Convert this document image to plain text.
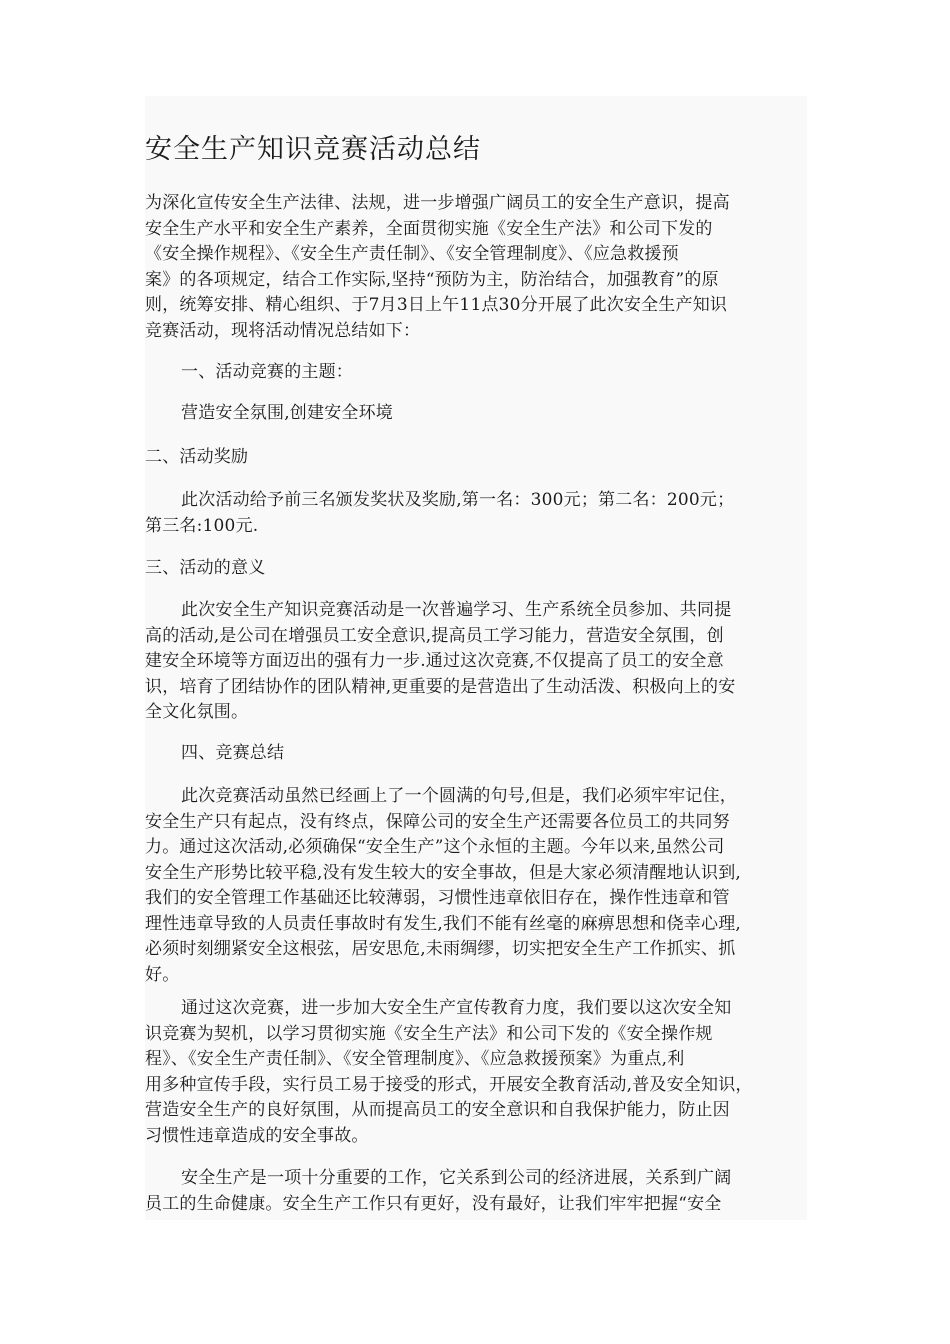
安全生产知识竞赛活动总结

为深化宣传安全生产法律、法规，进一步增强广阔员工的安全生产意识，提高
安全生产水平和安全生产素养，全面贯彻实施《安全生产法》和公司下发的
《安全操作规程》、《安全生产责任制》、《安全管理制度》、《应急救援预
案》的各项规定，结合工作实际,坚持“预防为主，防治结合，加强教育”的原
则，统筹安排、精心组织、于7月3日上午11点30分开展了此次安全生产知识
竞赛活动，现将活动情况总结如下：

一、活动竞赛的主题：

营造安全氛围,创建安全环境

二、活动奖励

此次活动给予前三名颁发奖状及奖励,第一名：300元；第二名：200元；
第三名:100元.

三、活动的意义

此次安全生产知识竞赛活动是一次普遍学习、生产系统全员参加、共同提
高的活动,是公司在增强员工安全意识,提高员工学习能力，营造安全氛围，创
建安全环境等方面迈出的强有力一步.通过这次竞赛,不仅提高了员工的安全意
识，培育了团结协作的团队精神,更重要的是营造出了生动活泼、积极向上的安
全文化氛围。

四、竞赛总结

此次竞赛活动虽然已经画上了一个圆满的句号,但是，我们必须牢牢记住，
安全生产只有起点，没有终点，保障公司的安全生产还需要各位员工的共同努
力。通过这次活动,必须确保“安全生产”这个永恒的主题。今年以来,虽然公司
安全生产形势比较平稳,没有发生较大的安全事故，但是大家必须清醒地认识到,
我们的安全管理工作基础还比较薄弱，习惯性违章依旧存在，操作性违章和管
理性违章导致的人员责任事故时有发生,我们不能有丝毫的麻痹思想和侥幸心理,
必须时刻绷紧安全这根弦，居安思危,未雨绸缪，切实把安全生产工作抓实、抓
好。

通过这次竞赛，进一步加大安全生产宣传教育力度，我们要以这次安全知
识竞赛为契机，以学习贯彻实施《安全生产法》和公司下发的《安全操作规
程》、《安全生产责任制》、《安全管理制度》、《应急救援预案》为重点,利
用多种宣传手段，实行员工易于接受的形式，开展安全教育活动,普及安全知识，
营造安全生产的良好氛围，从而提高员工的安全意识和自我保护能力，防止因
习惯性违章造成的安全事故。

安全生产是一项十分重要的工作，它关系到公司的经济进展，关系到广阔
员工的生命健康。安全生产工作只有更好，没有最好，让我们牢牢把握“安全
